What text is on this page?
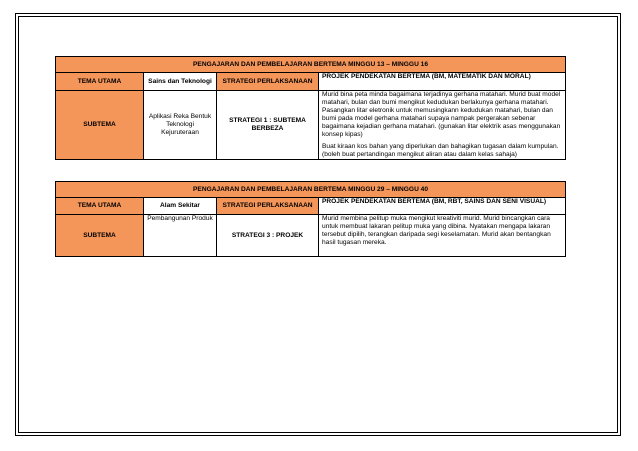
PENGAJARAN DAN PEMBELAJARAN BERTEMA MINGGU 13 – MINGGU 16			
TEMA UTAMA	Sains dan Teknologi	STRATEGI PERLAKSANAAN	PROJEK PENDEKATAN BERTEMA (BM, MATEMATIK DAN MORAL)
SUBTEMA	Aplikasi Reka Bentuk Teknologi Kejuruteraan	STRATEGI 1 : SUBTEMA BERBEZA	Murid bina peta minda bagaimana terjadinya gerhana matahari. Murid buat model matahari, bulan dan bumi mengikut kedudukan berlakunya gerhana matahari. Pasangkan litar eletronik untuk memusingkann kedudukan matahari, bulan dan bumi pada model gerhana matahari supaya nampak pergerakan sebenar bagaimana kejadian gerhana matahari. (gunakan litar elektrik asas menggunakan konsep kipas)

Buat kiraan kos bahan yang diperlukan dan bahagikan tugasan dalam kumpulan.(boleh buat pertandingan mengikut aliran atau dalam kelas sahaja)

PENGAJARAN DAN PEMBELAJARAN BERTEMA MINGGU 29 – MINGGU 40			
TEMA UTAMA	Alam Sekitar	STRATEGI PERLAKSANAAN	PROJEK PENDEKATAN BERTEMA (BM, RBT, SAINS DAN SENI VISUAL)
SUBTEMA	Pembangunan Produk	STRATEGI 3 : PROJEK	Murid membina pelitup muka mengikut kreativiti murid. Murid bincangkan cara untuk membuat lakaran pelitup muka yang dibina. Nyatakan mengapa lakaran tersebut dipilih, terangkan daripada segi keselamatan. Murid akan bentangkan hasil tugasan mereka.
